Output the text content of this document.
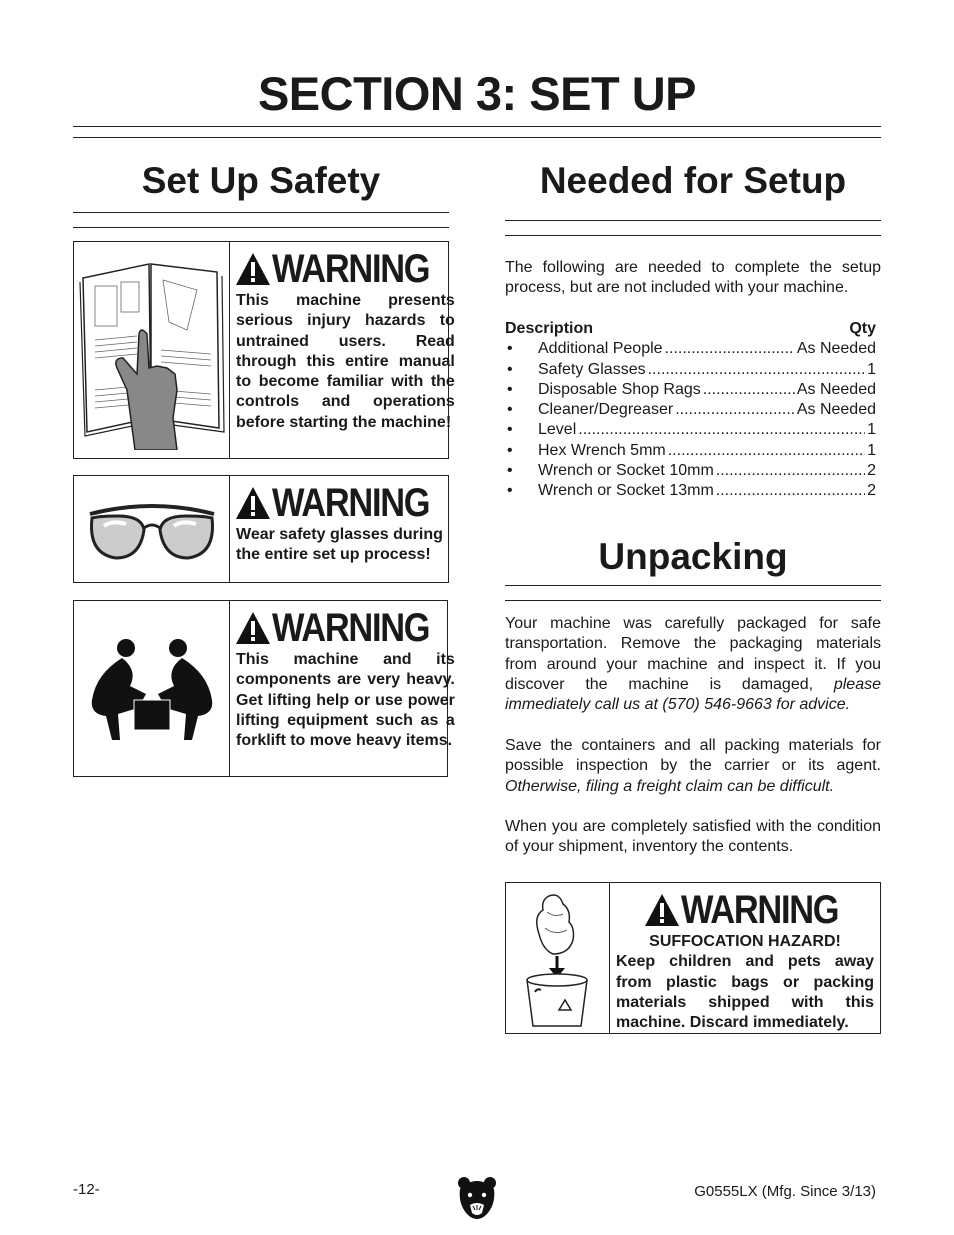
SECTION 3: SET UP
Set Up Safety
WARNING
This machine presents serious injury hazards to untrained users. Read through this entire manual to become familiar with the controls and operations before starting the machine!
WARNING
Wear safety glasses during the entire set up process!
WARNING
This machine and its components are very heavy. Get lifting help or use power lifting equipment such as a forklift to move heavy items.
Needed for Setup
The following are needed to complete the setup process, but are not included with your machine.
Description	Qty
•	Additional People .....	As Needed
•	Safety Glasses .....	1
•	Disposable Shop Rags .....	As Needed
•	Cleaner/Degreaser .....	As Needed
•	Level .....	1
•	Hex Wrench 5mm .....	1
•	Wrench or Socket 10mm .....	2
•	Wrench or Socket 13mm .....	2
Unpacking
Your machine was carefully packaged for safe transportation. Remove the packaging materials from around your machine and inspect it. If you discover the machine is damaged, please immediately call us at (570) 546-9663 for advice.
Save the containers and all packing materials for possible inspection by the carrier or its agent. Otherwise, filing a freight claim can be difficult.
When you are completely satisfied with the condition of your shipment, inventory the contents.
WARNING
SUFFOCATION HAZARD!
Keep children and pets away from plastic bags or packing materials shipped with this machine. Discard immediately.
-12-	G0555LX (Mfg. Since 3/13)
